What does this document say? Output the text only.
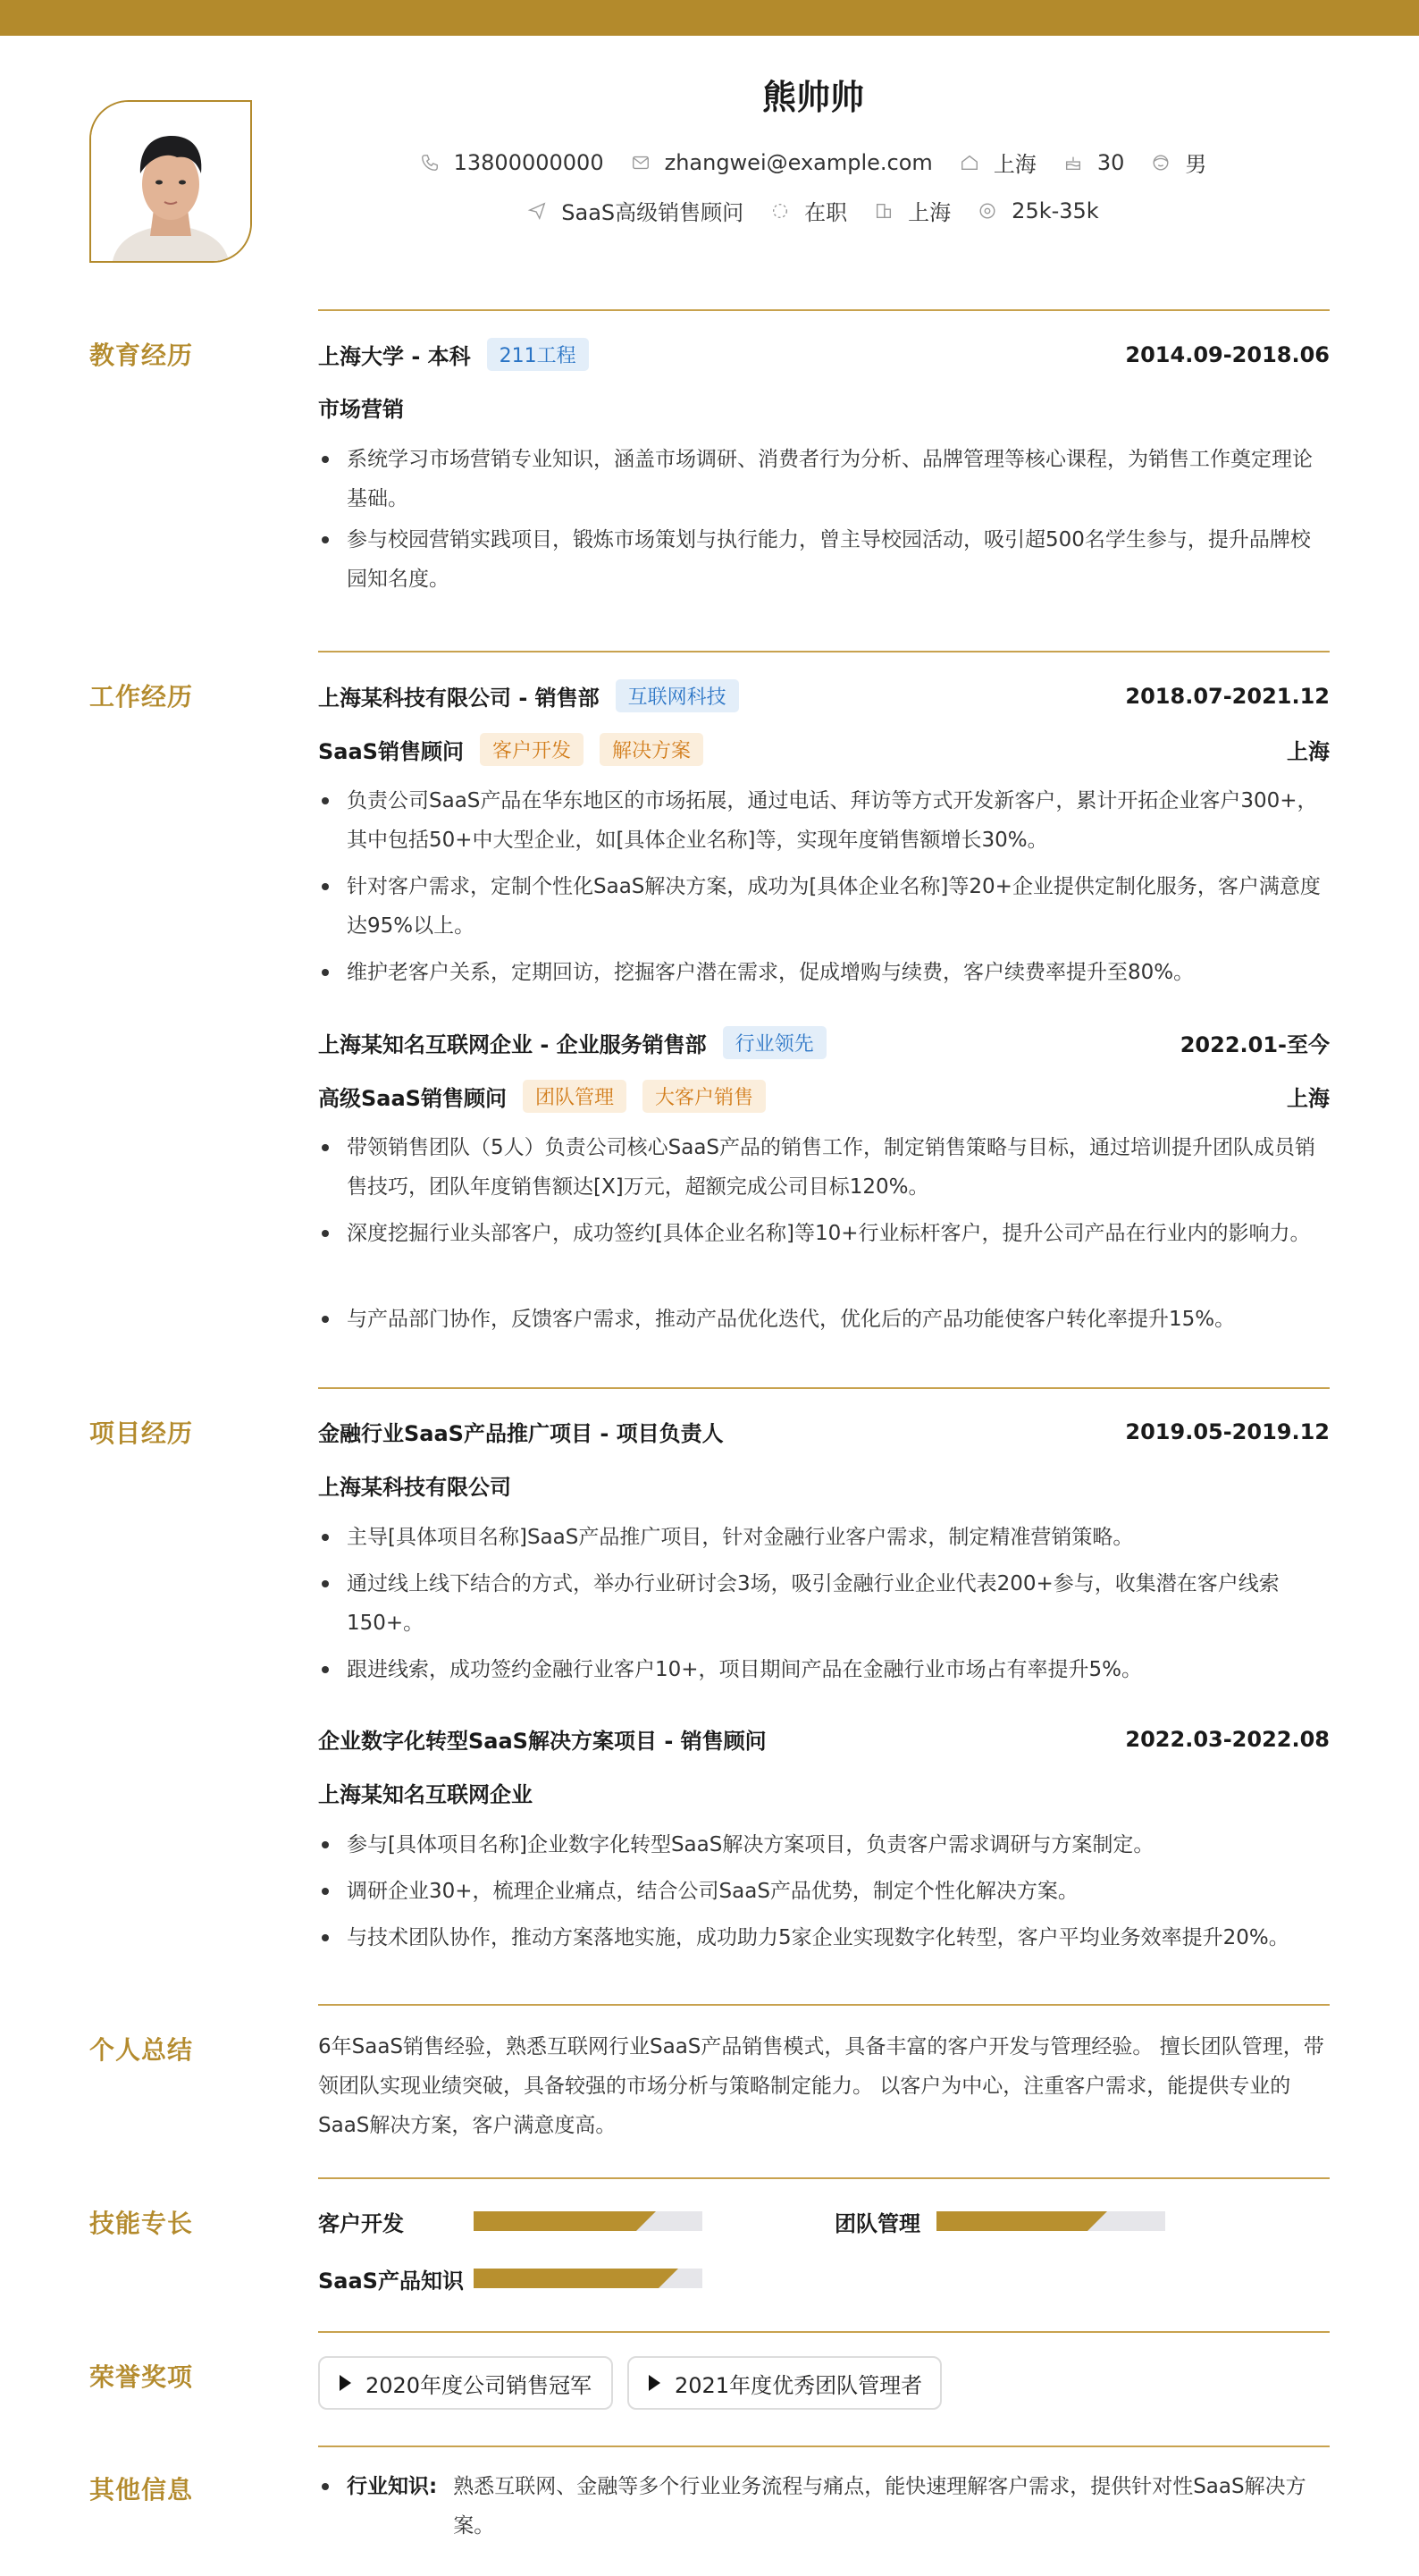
熊帅帅
13800000000	zhangwei@example.com	上海	30	男
SaaS高级销售顾问	在职	上海	25k-35k
教育经历	上海大学 - 本科	211工程	2014.09-2018.06
市场营销
系统学习市场营销专业知识，涵盖市场调研、消费者行为分析、品牌管理等核心课程，为销售工作奠定理论基础。
参与校园营销实践项目，锻炼市场策划与执行能力，曾主导校园活动，吸引超500名学生参与，提升品牌校园知名度。
工作经历	上海某科技有限公司 - 销售部	互联网科技	2018.07-2021.12
SaaS销售顾问	客户开发	解决方案	上海
负责公司SaaS产品在华东地区的市场拓展，通过电话、拜访等方式开发新客户，累计开拓企业客户300+，其中包括50+中大型企业，如[具体企业名称]等，实现年度销售额增长30%。
针对客户需求，定制个性化SaaS解决方案，成功为[具体企业名称]等20+企业提供定制化服务，客户满意度达95%以上。
维护老客户关系，定期回访，挖掘客户潜在需求，促成增购与续费，客户续费率提升至80%。
上海某知名互联网企业 - 企业服务销售部	行业领先	2022.01-至今
高级SaaS销售顾问	团队管理	大客户销售	上海
带领销售团队（5人）负责公司核心SaaS产品的销售工作，制定销售策略与目标，通过培训提升团队成员销售技巧，团队年度销售额达[X]万元，超额完成公司目标120%。
深度挖掘行业头部客户，成功签约[具体企业名称]等10+行业标杆客户，提升公司产品在行业内的影响力。
与产品部门协作，反馈客户需求，推动产品优化迭代，优化后的产品功能使客户转化率提升15%。
项目经历	金融行业SaaS产品推广项目 - 项目负责人	2019.05-2019.12
上海某科技有限公司
主导[具体项目名称]SaaS产品推广项目，针对金融行业客户需求，制定精准营销策略。
通过线上线下结合的方式，举办行业研讨会3场，吸引金融行业企业代表200+参与，收集潜在客户线索150+。
跟进线索，成功签约金融行业客户10+，项目期间产品在金融行业市场占有率提升5%。
企业数字化转型SaaS解决方案项目 - 销售顾问	2022.03-2022.08
上海某知名互联网企业
参与[具体项目名称]企业数字化转型SaaS解决方案项目，负责客户需求调研与方案制定。
调研企业30+，梳理企业痛点，结合公司SaaS产品优势，制定个性化解决方案。
与技术团队协作，推动方案落地实施，成功助力5家企业实现数字化转型，客户平均业务效率提升20%。
个人总结	6年SaaS销售经验，熟悉互联网行业SaaS产品销售模式，具备丰富的客户开发与管理经验。 擅长团队管理，带领团队实现业绩突破，具备较强的市场分析与策略制定能力。 以客户为中心，注重客户需求，能提供专业的SaaS解决方案，客户满意度高。
技能专长	客户开发	团队管理
SaaS产品知识
荣誉奖项	2020年度公司销售冠军	2021年度优秀团队管理者
其他信息	行业知识: 熟悉互联网、金融等多个行业业务流程与痛点，能快速理解客户需求，提供针对性SaaS解决方案。
